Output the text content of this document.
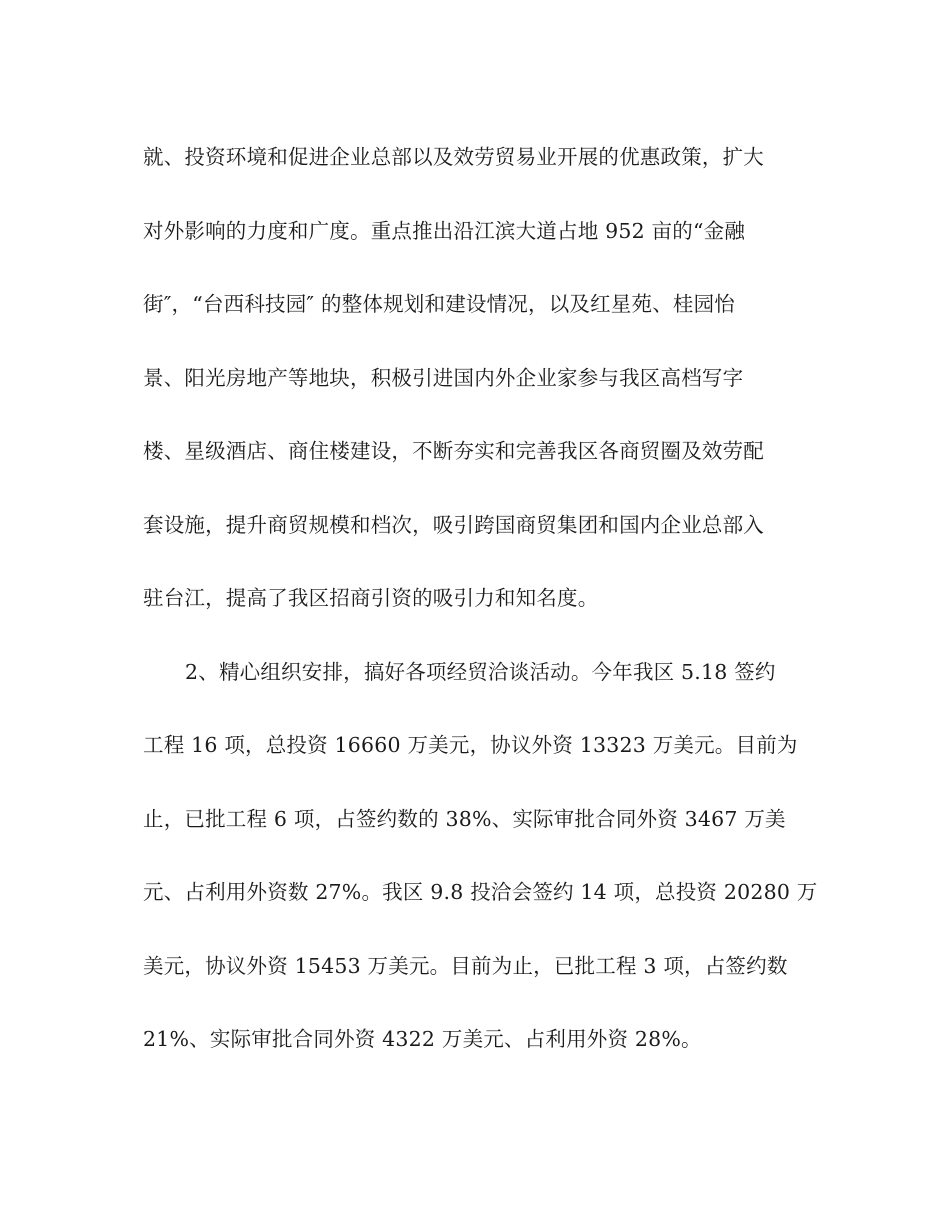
就、投资环境和促进企业总部以及效劳贸易业开展的优惠政策，扩大
对外影响的力度和广度。重点推出沿江滨大道占地 952 亩的“金融
街″，“台西科技园″ 的整体规划和建设情况，以及红星苑、桂园怡
景、阳光房地产等地块，积极引进国内外企业家参与我区高档写字
楼、星级酒店、商住楼建设，不断夯实和完善我区各商贸圈及效劳配
套设施，提升商贸规模和档次，吸引跨国商贸集团和国内企业总部入
驻台江，提高了我区招商引资的吸引力和知名度。
2、精心组织安排，搞好各项经贸洽谈活动。今年我区 5.18 签约
工程 16 项，总投资 16660 万美元，协议外资 13323 万美元。目前为
止，已批工程 6 项，占签约数的 38%、实际审批合同外资 3467 万美
元、占利用外资数 27%。我区 9.8 投洽会签约 14 项，总投资 20280 万
美元，协议外资 15453 万美元。目前为止，已批工程 3 项，占签约数
21%、实际审批合同外资 4322 万美元、占利用外资 28%。
